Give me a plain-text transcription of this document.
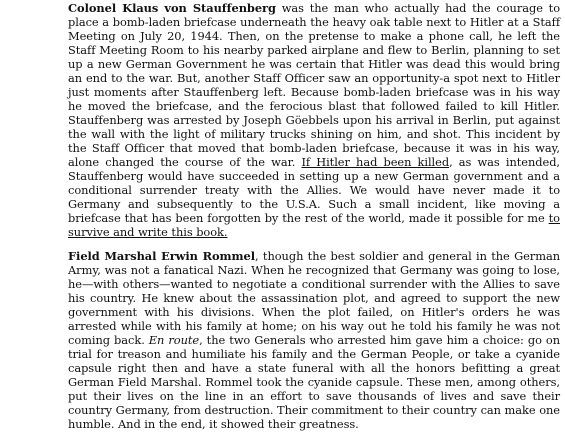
Colonel Klaus von Stauffenberg was the man who actually had the courage to place a bomb-laden briefcase underneath the heavy oak table next to Hitler at a Staff Meeting on July 20, 1944. Then, on the pretense to make a phone call, he left the Staff Meeting Room to his nearby parked airplane and flew to Berlin, planning to set up a new German Government he was certain that Hitler was dead this would bring an end to the war. But, another Staff Officer saw an opportunity-a spot next to Hitler just moments after Stauffenberg left. Because bomb-laden briefcase was in his way he moved the briefcase, and the ferocious blast that followed failed to kill Hitler. Stauffenberg was arrested by Joseph Göebbels upon his arrival in Berlin, put against the wall with the light of military trucks shining on him, and shot. This incident by the Staff Officer that moved that bomb-laden briefcase, because it was in his way, alone changed the course of the war. If Hitler had been killed, as was intended, Stauffenberg would have succeeded in setting up a new German government and a conditional surrender treaty with the Allies. We would have never made it to Germany and subsequently to the U.S.A. Such a small incident, like moving a briefcase that has been forgotten by the rest of the world, made it possible for me to survive and write this book.

Field Marshal Erwin Rommel, though the best soldier and general in the German Army, was not a fanatical Nazi. When he recognized that Germany was going to lose, he—with others—wanted to negotiate a conditional surrender with the Allies to save his country. He knew about the assassination plot, and agreed to support the new government with his divisions. When the plot failed, on Hitler's orders he was arrested while with his family at home; on his way out he told his family he was not coming back. En route, the two Generals who arrested him gave him a choice: go on trial for treason and humiliate his family and the German People, or take a cyanide capsule right then and have a state funeral with all the honors befitting a great German Field Marshal. Rommel took the cyanide capsule. These men, among others, put their lives on the line in an effort to save thousands of lives and save their country Germany, from destruction. Their commitment to their country can make one humble. And in the end, it showed their greatness.
